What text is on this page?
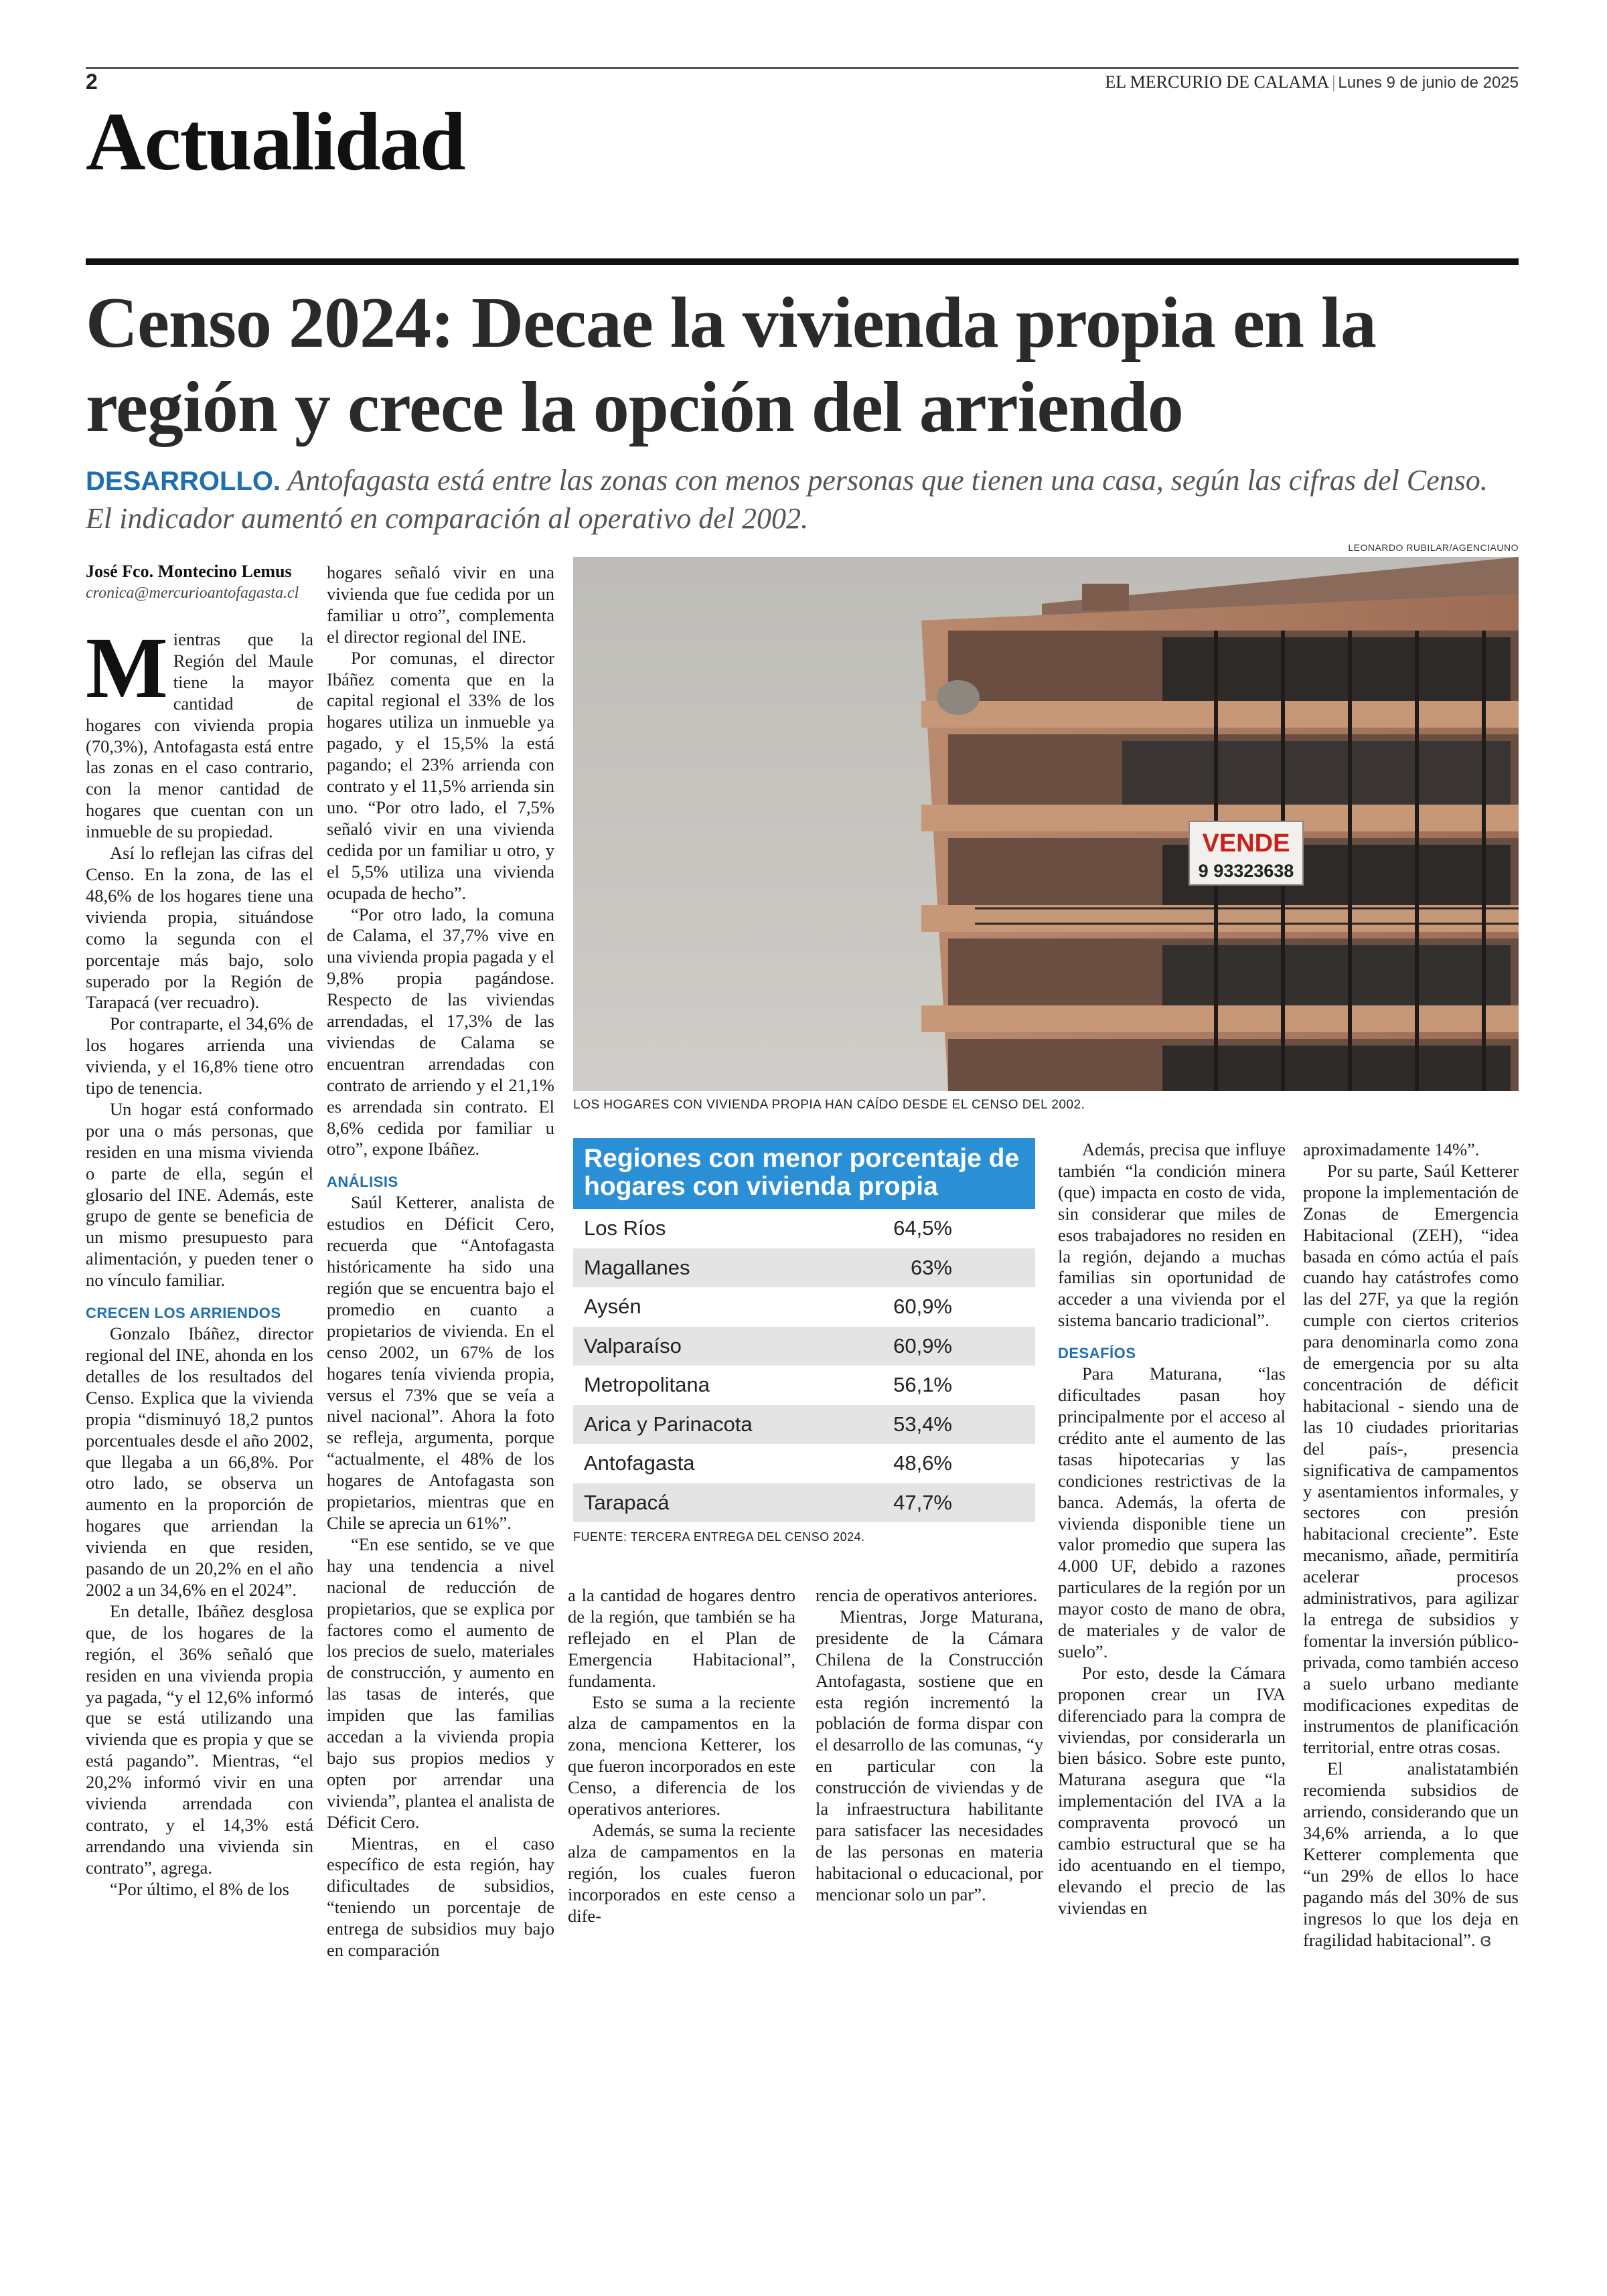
2	EL MERCURIO DE CALAMA | Lunes 9 de junio de 2025
Actualidad
Censo 2024: Decae la vivienda propia en la región y crece la opción del arriendo
DESARROLLO. Antofagasta está entre las zonas con menos personas que tienen una casa, según las cifras del Censo. El indicador aumentó en comparación al operativo del 2002.
José Fco. Montecino Lemus
cronica@mercurioantofagasta.cl

Mientras que la Región del Maule tiene la mayor cantidad de hogares con vivienda propia (70,3%), Antofagasta está entre las zonas en el caso contrario, con la menor cantidad de hogares que cuentan con un inmueble de su propiedad.

Así lo reflejan las cifras del Censo. En la zona, de las el 48,6% de los hogares tiene una vivienda propia, situándose como la segunda con el porcentaje más bajo, solo superado por la Región de Tarapacá (ver recuadro).

Por contraparte, el 34,6% de los hogares arrienda una vivienda, y el 16,8% tiene otro tipo de tenencia.

Un hogar está conformado por una o más personas, que residen en una misma vivienda o parte de ella, según el glosario del INE. Además, este grupo de gente se beneficia de un mismo presupuesto para alimentación, y pueden tener o no vínculo familiar.

CRECEN LOS ARRIENDOS

Gonzalo Ibáñez, director regional del INE, ahonda en los detalles de los resultados del Censo. Explica que la vivienda propia “disminuyó 18,2 puntos porcentuales desde el año 2002, que llegaba a un 66,8%. Por otro lado, se observa un aumento en la proporción de hogares que arriendan la vivienda en que residen, pasando de un 20,2% en el año 2002 a un 34,6% en el 2024”.

En detalle, Ibáñez desglosa que, de los hogares de la región, el 36% señaló que residen en una vivienda propia ya pagada, “y el 12,6% informó que se está utilizando una vivienda que es propia y que se está pagando”. Mientras, “el 20,2% informó vivir en una vivienda arrendada con contrato, y el 14,3% está arrendando una vivienda sin contrato”, agrega.

“Por último, el 8% de los

hogares señaló vivir en una vivienda que fue cedida por un familiar u otro”, complementa el director regional del INE.

Por comunas, el director Ibáñez comenta que en la capital regional el 33% de los hogares utiliza un inmueble ya pagado, y el 15,5% la está pagando; el 23% arrienda con contrato y el 11,5% arrienda sin uno. “Por otro lado, el 7,5% señaló vivir en una vivienda cedida por un familiar u otro, y el 5,5% utiliza una vivienda ocupada de hecho”.

“Por otro lado, la comuna de Calama, el 37,7% vive en una vivienda propia pagada y el 9,8% propia pagándose. Respecto de las viviendas arrendadas, el 17,3% de las viviendas de Calama se encuentran arrendadas con contrato de arriendo y el 21,1% es arrendada sin contrato. El 8,6% cedida por familiar u otro”, expone Ibáñez.

ANÁLISIS

Saúl Ketterer, analista de estudios en Déficit Cero, recuerda que “Antofagasta históricamente ha sido una región que se encuentra bajo el promedio en cuanto a propietarios de vivienda. En el censo 2002, un 67% de los hogares tenía vivienda propia, versus el 73% que se veía a nivel nacional”. Ahora la foto se refleja, argumenta, porque “actualmente, el 48% de los hogares de Antofagasta son propietarios, mientras que en Chile se aprecia un 61%”.

“En ese sentido, se ve que hay una tendencia a nivel nacional de reducción de propietarios, que se explica por factores como el aumento de los precios de suelo, materiales de construcción, y aumento en las tasas de interés, que impiden que las familias accedan a la vivienda propia bajo sus propios medios y opten por arrendar una vivienda”, plantea el analista de Déficit Cero.

Mientras, en el caso específico de esta región, hay dificultades de subsidios, “teniendo un porcentaje de entrega de subsidios muy bajo en comparación

LEONARDO RUBILAR/AGENCIAUNO
VENDE
9 93323638
LOS HOGARES CON VIVIENDA PROPIA HAN CAÍDO DESDE EL CENSO DEL 2002.
Regiones con menor porcentaje de hogares con vivienda propia
Los Ríos	64,5%
Magallanes	63%
Aysén	60,9%
Valparaíso	60,9%
Metropolitana	56,1%
Arica y Parinacota	53,4%
Antofagasta	48,6%
Tarapacá	47,7%
FUENTE: TERCERA ENTREGA DEL CENSO 2024.

a la cantidad de hogares dentro de la región, que también se ha reflejado en el Plan de Emergencia Habitacional”, fundamenta.

Esto se suma a la reciente alza de campamentos en la zona, menciona Ketterer, los que fueron incorporados en este Censo, a diferencia de los operativos anteriores.

Además, se suma la reciente alza de campamentos en la región, los cuales fueron incorporados en este censo a dife-

rencia de operativos anteriores.

Mientras, Jorge Maturana, presidente de la Cámara Chilena de la Construcción Antofagasta, sostiene que en esta región incrementó la población de forma dispar con el desarrollo de las comunas, “y en particular con la construcción de viviendas y de la infraestructura habilitante para satisfacer las necesidades de las personas en materia habitacional o educacional, por mencionar solo un par”.

Además, precisa que influye también “la condición minera (que) impacta en costo de vida, sin considerar que miles de esos trabajadores no residen en la región, dejando a muchas familias sin oportunidad de acceder a una vivienda por el sistema bancario tradicional”.

DESAFÍOS

Para Maturana, “las dificultades pasan hoy principalmente por el acceso al crédito ante el aumento de las tasas hipotecarias y las condiciones restrictivas de la banca. Además, la oferta de vivienda disponible tiene un valor promedio que supera las 4.000 UF, debido a razones particulares de la región por un mayor costo de mano de obra, de materiales y de valor de suelo”.

Por esto, desde la Cámara proponen crear un IVA diferenciado para la compra de viviendas, por considerarla un bien básico. Sobre este punto, Maturana asegura que “la implementación del IVA a la compraventa provocó un cambio estructural que se ha ido acentuando en el tiempo, elevando el precio de las viviendas en

aproximadamente 14%”.

Por su parte, Saúl Ketterer propone la implementación de Zonas de Emergencia Habitacional (ZEH), “idea basada en cómo actúa el país cuando hay catástrofes como las del 27F, ya que la región cumple con ciertos criterios para denominarla como zona de emergencia por su alta concentración de déficit habitacional - siendo una de las 10 ciudades prioritarias del país-, presencia significativa de campamentos y asentamientos informales, y sectores con presión habitacional creciente”. Este mecanismo, añade, permitiría acelerar procesos administrativos, para agilizar la entrega de subsidios y fomentar la inversión público-privada, como también acceso a suelo urbano mediante modificaciones expeditas de instrumentos de planificación territorial, entre otras cosas.

El analistatambién recomienda subsidios de arriendo, considerando que un 34,6% arrienda, a lo que Ketterer complementa que “un 29% de ellos lo hace pagando más del 30% de sus ingresos lo que los deja en fragilidad habitacional”. ɞ
